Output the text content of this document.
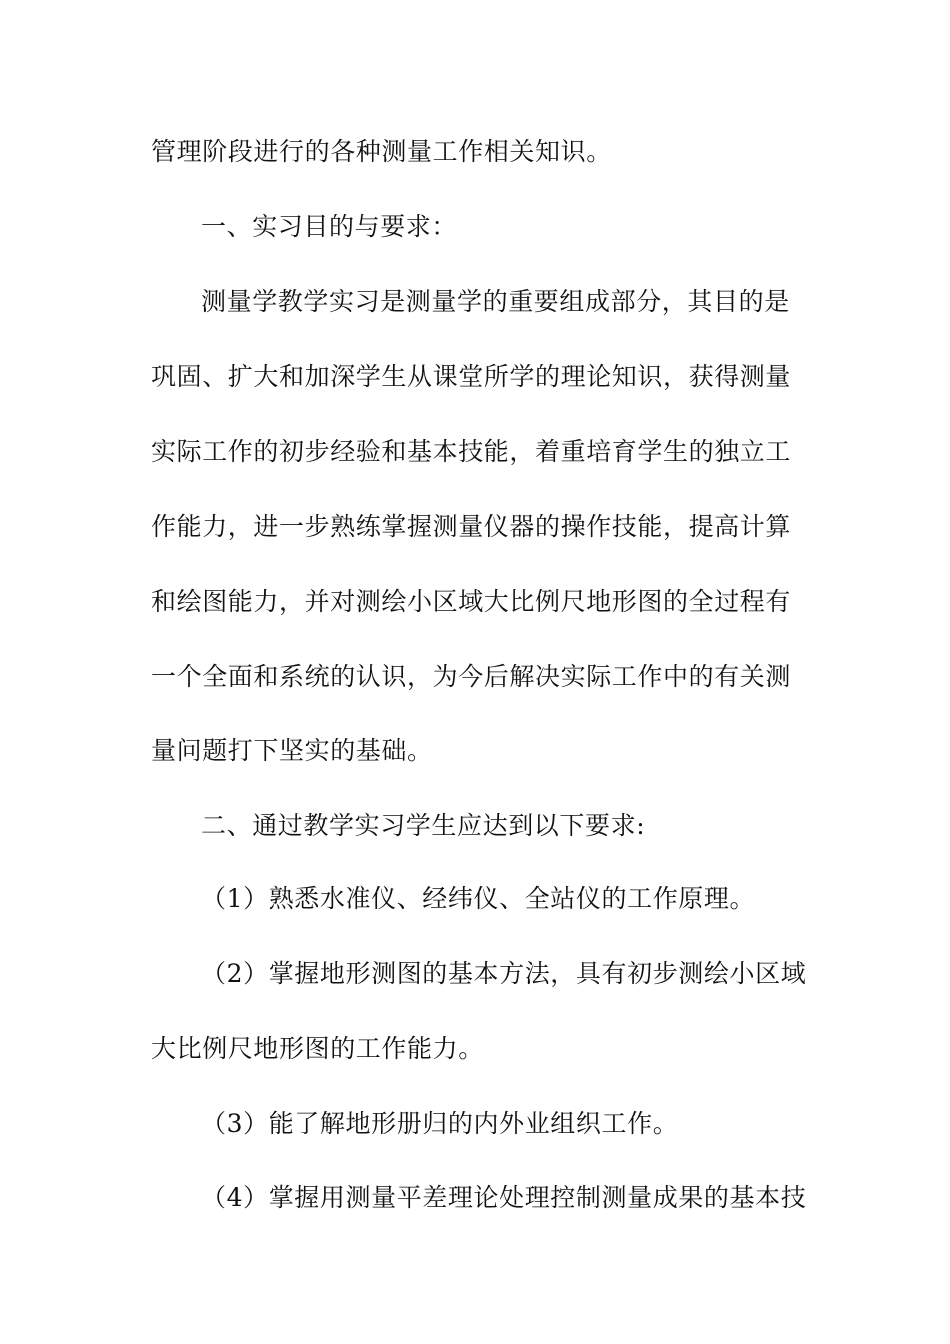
管理阶段进行的各种测量工作相关知识。
一、实习目的与要求：
测量学教学实习是测量学的重要组成部分，其目的是
巩固、扩大和加深学生从课堂所学的理论知识，获得测量
实际工作的初步经验和基本技能，着重培育学生的独立工
作能力，进一步熟练掌握测量仪器的操作技能，提高计算
和绘图能力，并对测绘小区域大比例尺地形图的全过程有
一个全面和系统的认识，为今后解决实际工作中的有关测
量问题打下坚实的基础。
二、通过教学实习学生应达到以下要求:
（1）熟悉水准仪、经纬仪、全站仪的工作原理。
（2）掌握地形测图的基本方法，具有初步测绘小区域
大比例尺地形图的工作能力。
（3）能了解地形册归的内外业组织工作。
（4）掌握用测量平差理论处理控制测量成果的基本技
